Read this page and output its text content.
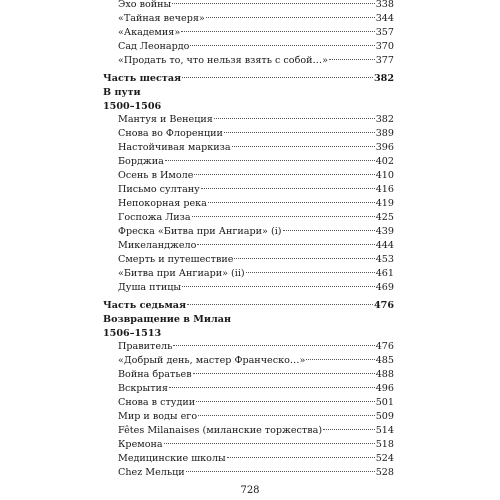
Эхо войны	338
«Тайная вечеря»	344
«Академия»	357
Сад Леонардо	370
«Продать то, что нельзя взять с собой…»	377
Часть шестая	382
В пути
1500–1506
Мантуя и Венеция	382
Снова во Флоренции	389
Настойчивая маркиза	396
Борджиа	402
Осень в Имоле	410
Письмо султану	416
Непокорная река	419
Госпожа Лиза	425
Фреска «Битва при Ангиари» (i)	439
Микеланджело	444
Смерть и путешествие	453
«Битва при Ангиари» (ii)	461
Душа птицы	469
Часть седьмая	476
Возвращение в Милан
1506–1513
Правитель	476
«Добрый день, мастер Франческо…»	485
Война братьев	488
Вскрытия	496
Снова в студии	501
Мир и воды его	509
Fêtes Milanaises (миланские торжества)	514
Кремона	518
Медицинские школы	524
Chez Мельци	528
728
